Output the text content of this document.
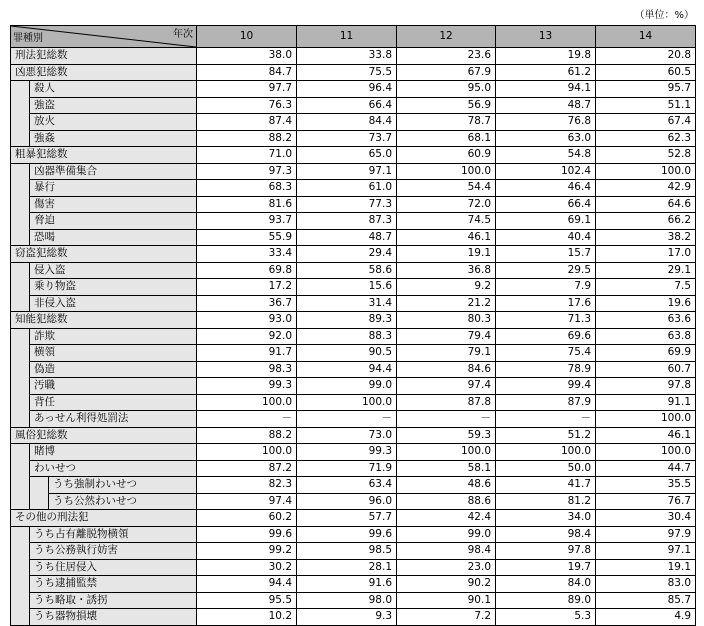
（単位：%）
年次
罪種別			10	11	12	13	14
刑法犯総数			38.0	33.8	23.6	19.8	20.8
凶悪犯総数			84.7	75.5	67.9	61.2	60.5
	殺人		97.7	96.4	95.0	94.1	95.7
	強盗		76.3	66.4	56.9	48.7	51.1
	放火		87.4	84.4	78.7	76.8	67.4
	強姦		88.2	73.7	68.1	63.0	62.3
粗暴犯総数			71.0	65.0	60.9	54.8	52.8
	凶器準備集合		97.3	97.1	100.0	102.4	100.0
	暴行		68.3	61.0	54.4	46.4	42.9
	傷害		81.6	77.3	72.0	66.4	64.6
	脅迫		93.7	87.3	74.5	69.1	66.2
	恐喝		55.9	48.7	46.1	40.4	38.2
窃盗犯総数			33.4	29.4	19.1	15.7	17.0
	侵入盗		69.8	58.6	36.8	29.5	29.1
	乗り物盗		17.2	15.6	9.2	7.9	7.5
	非侵入盗		36.7	31.4	21.2	17.6	19.6
知能犯総数			93.0	89.3	80.3	71.3	63.6
	詐欺		92.0	88.3	79.4	69.6	63.8
	横領		91.7	90.5	79.1	75.4	69.9
	偽造		98.3	94.4	84.6	78.9	60.7
	汚職		99.3	99.0	97.4	99.4	97.8
	背任		100.0	100.0	87.8	87.9	91.1
	あっせん利得処罰法		－	－	－	－	100.0
風俗犯総数			88.2	73.0	59.3	51.2	46.1
	賭博		100.0	99.3	100.0	100.0	100.0
	わいせつ		87.2	71.9	58.1	50.0	44.7
		うち強制わいせつ	82.3	63.4	48.6	41.7	35.5
		うち公然わいせつ	97.4	96.0	88.6	81.2	76.7
その他の刑法犯			60.2	57.7	42.4	34.0	30.4
	うち占有離脱物横領		99.6	99.6	99.0	98.4	97.9
	うち公務執行妨害		99.2	98.5	98.4	97.8	97.1
	うち住居侵入		30.2	28.1	23.0	19.7	19.1
	うち逮捕監禁		94.4	91.6	90.2	84.0	83.0
	うち略取・誘拐		95.5	98.0	90.1	89.0	85.7
	うち器物損壊		10.2	9.3	7.2	5.3	4.9
